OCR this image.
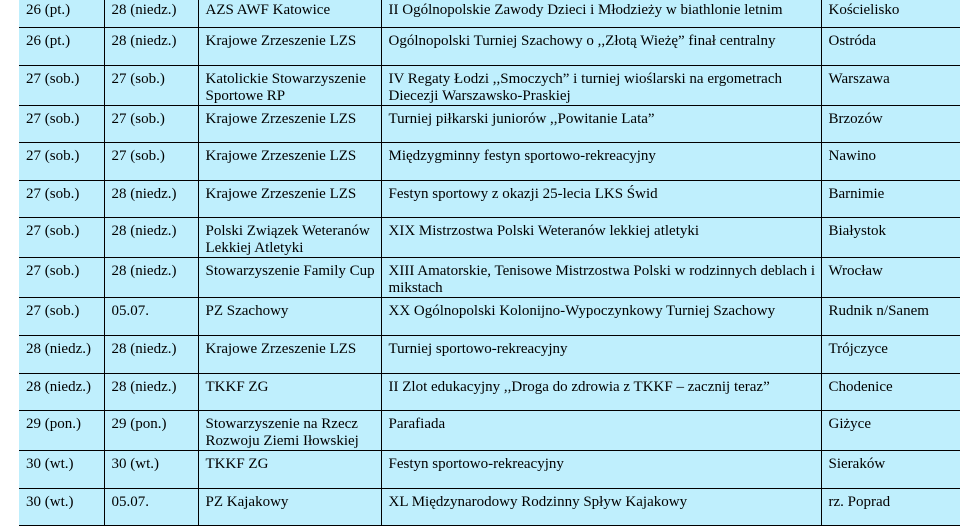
26 (pt.)	28 (niedz.)	AZS AWF Katowice	II Ogólnopolskie Zawody Dzieci i Młodzieży w biathlonie letnim	Kościelisko
26 (pt.)	28 (niedz.)	Krajowe Zrzeszenie LZS	Ogólnopolski Turniej Szachowy o ,,Złotą Wieżę” finał centralny	Ostróda
27 (sob.)	27 (sob.)	Katolickie Stowarzyszenie Sportowe RP	IV Regaty Łodzi ,,Smoczych” i turniej wioślarski na ergometrach Diecezji Warszawsko-Praskiej	Warszawa
27 (sob.)	27 (sob.)	Krajowe Zrzeszenie LZS	Turniej piłkarski juniorów ,,Powitanie Lata”	Brzozów
27 (sob.)	27 (sob.)	Krajowe Zrzeszenie LZS	Międzygminny festyn sportowo-rekreacyjny	Nawino
27 (sob.)	28 (niedz.)	Krajowe Zrzeszenie LZS	Festyn sportowy z okazji 25-lecia LKS Świd	Barnimie
27 (sob.)	28 (niedz.)	Polski Związek Weteranów Lekkiej Atletyki	XIX Mistrzostwa Polski Weteranów lekkiej atletyki	Białystok
27 (sob.)	28 (niedz.)	Stowarzyszenie Family Cup	XIII Amatorskie, Tenisowe Mistrzostwa Polski w rodzinnych deblach i mikstach	Wrocław
27 (sob.)	05.07.	PZ Szachowy	XX Ogólnopolski Kolonijno-Wypoczynkowy Turniej Szachowy	Rudnik n/Sanem
28 (niedz.)	28 (niedz.)	Krajowe Zrzeszenie LZS	Turniej sportowo-rekreacyjny	Trójczyce
28 (niedz.)	28 (niedz.)	TKKF ZG	II Zlot edukacyjny ,,Droga do zdrowia z TKKF – zacznij teraz”	Chodenice
29 (pon.)	29 (pon.)	Stowarzyszenie na Rzecz Rozwoju Ziemi Iłowskiej	Parafiada	Giżyce
30 (wt.)	30 (wt.)	TKKF ZG	Festyn sportowo-rekreacyjny	Sieraków
30 (wt.)	05.07.	PZ Kajakowy	XL Międzynarodowy Rodzinny Spływ Kajakowy	rz. Poprad
